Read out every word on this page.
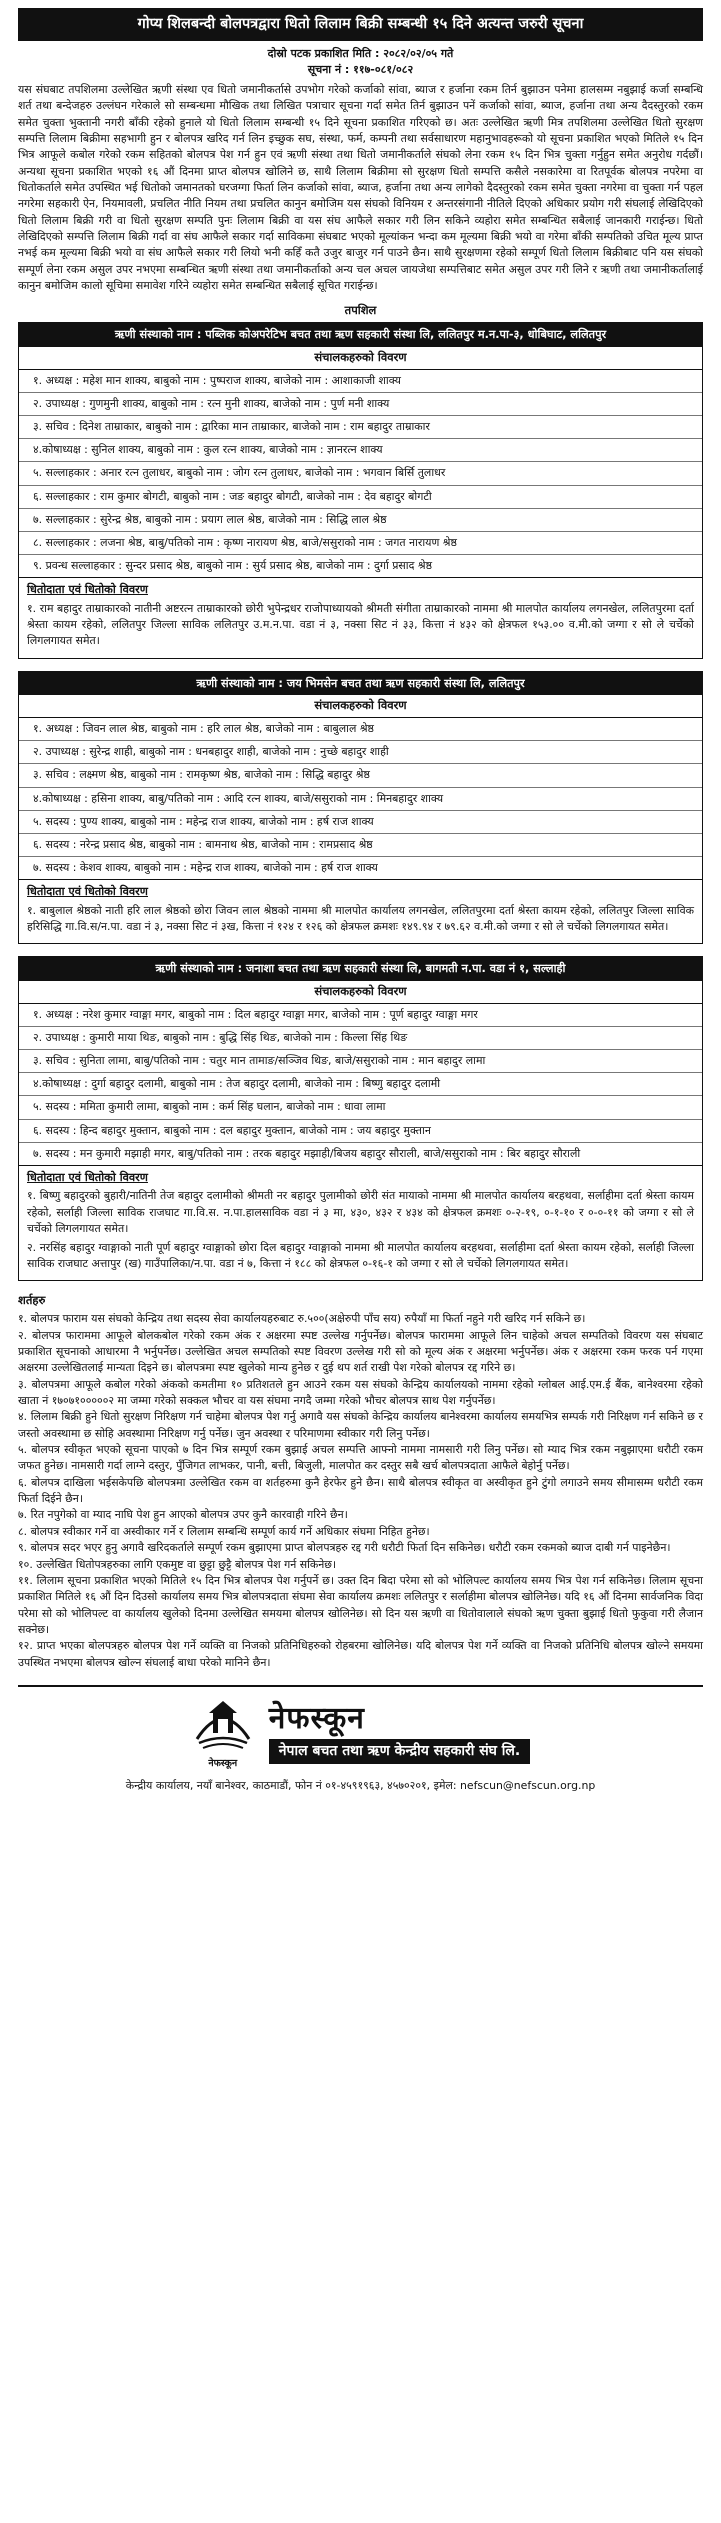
गोप्य शिलबन्दी बोलपत्रद्वारा धितो लिलाम बिक्री सम्बन्धी १५ दिने अत्यन्त जरुरी सूचना
दोस्रो पटक प्रकाशित मिति : २०८२/०२/०५ गते
सूचना नं : ११७-०८१/०८२

यस संघबाट तपशिलमा उल्लेखित ऋणी संस्था एव धितो जमानीकर्तासे उपभोग गरेको कर्जाको सांवा, ब्याज र हर्जाना रकम तिर्न बुझाउन पनेमा हालसम्म नबुझाई कर्जा सम्बन्धि शर्त तथा बन्देजहरु उल्लंघन गरेकाले सो सम्बन्धमा मौखिक तथा लिखित पत्राचार सूचना गर्दा समेत तिर्न बुझाउन पनें कर्जाको सांवा, ब्याज, हर्जाना तथा अन्य दैदस्तुरको रकम समेत चुक्ता भुक्तानी नगरी बाँकी रहेको हुनाले यो धितो लिलाम सम्बन्धी १५ दिने सूचना प्रकाशित गरिएको छ। अतः उल्लेखित ऋणी मित्र तपशिलमा उल्लेखित धितो सुरक्षण सम्पत्ति लिलाम बिक्रीमा सहभागी हुन र बोलपत्र खरिद गर्न लिन इच्छुक सघ, संस्था, फर्म, कम्पनी तथा सर्वसाधारण महानुभावहरूको यो सूचना प्रकाशित भएको मितिले १५ दिन भित्र आफूले कबोल गरेको रकम सहितको बोलपत्र पेश गर्न हुन एवं ऋणी संस्था तथा धितो जमानीकर्ताले संघको लेना रकम १५ दिन भित्र चुक्ता गर्नुहुन समेत अनुरोध गर्दछौं। अन्यथा सूचना प्रकाशित भएको १६ औं दिनमा प्राप्त बोलपत्र खोलिने छ, साथै लिलाम बिक्रीमा सो सुरक्षण धितो सम्पत्ति कसैले नसकारेमा वा रितपूर्वक बोलपत्र नपरेमा वा धितोकर्ताले समेत उपस्थित भई धितोको जमानतको घरजग्गा फिर्ता लिन कर्जाको सांवा, ब्याज, हर्जाना तथा अन्य लागेको दैदस्तुरको रकम समेत चुक्ता नगरेमा वा चुक्ता गर्न पहल नगरेमा सहकारी ऐन, नियमावली, प्रचलित नीति नियम तथा प्रचलित कानुन बमोजिम यस संघको विनियम र अन्तरसंगानी नीतिले दिएको अधिकार प्रयोग गरी संघलाई लेखिदिएको धितो लिलाम बिक्री गरी वा धितो सुरक्षण सम्पति पुनः लिलाम बिक्री वा यस संघ आफैले सकार गरी लिन सकिने व्यहोरा समेत सम्बन्धित सबैलाई जानकारी गराईन्छ। धितो लेखिदिएको सम्पत्ति लिलाम बिक्री गर्दा वा संघ आफैले सकार गर्दा साविकमा संघबाट भएको मूल्यांकन भन्दा कम मूल्यमा बिक्री भयो वा गरेमा बाँकी सम्पतिको उचित मूल्य प्राप्त नभई कम मूल्यमा बिक्री भयो वा संघ आफैले सकार गरी लियो भनी कहिँ कतै उजुर बाजुर गर्न पाउने छैन। साथै सुरक्षणमा रहेको सम्पूर्ण धितो लिलाम बिक्रीबाट पनि यस संघको सम्पूर्ण लेना रकम असुल उपर नभएमा सम्बन्धित ऋणी संस्था तथा जमानीकर्ताको अन्य चल अचल जायजेथा सम्पत्तिबाट समेत असुल उपर गरी लिने र ऋणी तथा जमानीकर्तालाई कानुन बमोजिम कालो सूचिमा समावेश गरिने व्यहोरा समेत सम्बन्धित सबैलाई सूचित गराईन्छ।

तपशिल
ऋणी संस्थाको नाम : पब्लिक कोअपरेटिभ बचत तथा ऋण सहकारी संस्था लि, ललितपुर म.न.पा-३, धोबिघाट, ललितपुर
संचालकहरुको विवरण
१. अध्यक्ष : महेश मान शाक्य, बाबुको नाम : पुष्पराज शाक्य, बाजेको नाम : आशाकाजी शाक्य
२. उपाध्यक्ष : गुणमुनी शाक्य, बाबुको नाम : रत्न मुनी शाक्य, बाजेको नाम : पुर्ण मनी शाक्य
३. सचिव : दिनेश ताम्राकार, बाबुको नाम : द्वारिका मान ताम्राकार, बाजेको नाम : राम बहादुर ताम्राकार
४.कोषाध्यक्ष : सुनिल शाक्य, बाबुको नाम : कुल रत्न शाक्य, बाजेको नाम : ज्ञानरत्न शाक्य
५. सल्लाहकार : अनार रत्न तुलाधर, बाबुको नाम : जोग रत्न तुलाधर, बाजेको नाम : भगवान बिर्सि तुलाधर
६. सल्लाहकार : राम कुमार बोगटी, बाबुको नाम : जङ बहादुर बोगटी, बाजेको नाम : देव बहादुर बोगटी
७. सल्लाहकार : सुरेन्द्र श्रेष्ठ, बाबुको नाम : प्रयाग लाल श्रेष्ठ, बाजेको नाम : सिद्धि लाल श्रेष्ठ
८. सल्लाहकार : लजना श्रेष्ठ, बाबु/पतिको नाम : कृष्ण नारायण श्रेष्ठ, बाजे/ससुराको नाम : जगत नारायण श्रेष्ठ
९. प्रवन्ध सल्लाहकार : सुन्दर प्रसाद श्रेष्ठ, बाबुको नाम : सुर्य प्रसाद श्रेष्ठ, बाजेको नाम : दुर्गा प्रसाद श्रेष्ठ
धितोदाता एवं धितोको विवरण

१. राम बहादुर ताम्राकारको नातीनी अष्टरत्न ताम्राकारको छोरी भुपेन्द्रधर राजोपाध्यायको श्रीमती संगीता ताम्राकारको नाममा श्री मालपोत कार्यालय लगनखेल, ललितपुरमा दर्ता श्रेस्ता कायम रहेको, ललितपुर जिल्ला साविक ललितपुर उ.म.न.पा. वडा नं ३, नक्सा सिट नं ३३, कित्ता नं ४३२ को क्षेत्रफल १५३.०० व.मी.को जग्गा र सो ले चर्चेको लिगलगायत समेत।

ऋणी संस्थाको नाम : जय भिमसेन बचत तथा ऋण सहकारी संस्था लि, ललितपुर
संचालकहरुको विवरण
१. अध्यक्ष : जिवन लाल श्रेष्ठ, बाबुको नाम : हरि लाल श्रेष्ठ, बाजेको नाम : बाबुलाल श्रेष्ठ
२. उपाध्यक्ष : सुरेन्द्र शाही, बाबुको नाम : धनबहादुर शाही, बाजेको नाम : नुच्छे बहादुर शाही
३. सचिव : लक्ष्मण श्रेष्ठ, बाबुको नाम : रामकृष्ण श्रेष्ठ, बाजेको नाम : सिद्धि बहादुर श्रेष्ठ
४.कोषाध्यक्ष : हसिना शाक्य, बाबु/पतिको नाम : आदि रत्न शाक्य, बाजे/ससुराको नाम : मिनबहादुर शाक्य
५. सदस्य : पुण्य शाक्य, बाबुको नाम : महेन्द्र राज शाक्य, बाजेको नाम : हर्ष राज शाक्य
६. सदस्य : नरेन्द्र प्रसाद श्रेष्ठ, बाबुको नाम : बामनाथ श्रेष्ठ, बाजेको नाम : रामप्रसाद श्रेष्ठ
७. सदस्य : केशव शाक्य, बाबुको नाम : महेन्द्र राज शाक्य, बाजेको नाम : हर्ष राज शाक्य
धितोदाता एवं धितोको विवरण

१. बाबुलाल श्रेष्ठको नाती हरि लाल श्रेष्ठको छोरा जिवन लाल श्रेष्ठको नाममा श्री मालपोत कार्यालय लगनखेल, ललितपुरमा दर्ता श्रेस्ता कायम रहेको, ललितपुर जिल्ला साविक हरिसिद्धि गा.वि.स/न.पा. वडा नं ३, नक्सा सिट नं ३ख, कित्ता नं १२४ र १२६ को क्षेत्रफल क्रमशः १४९.९४ र ७९.६२ व.मी.को जग्गा र सो ले चर्चेको लिगलगायत समेत।

ऋणी संस्थाको नाम : जनाशा बचत तथा ऋण सहकारी संस्था लि, बागमती न.पा. वडा नं १, सल्लाही
संचालकहरुको विवरण
१. अध्यक्ष : नरेश कुमार ग्वाङ्गा मगर, बाबुको नाम : दिल बहादुर ग्वाङ्गा मगर, बाजेको नाम : पूर्ण बहादुर ग्वाङ्गा मगर
२. उपाध्यक्ष : कुमारी माया थिङ, बाबुको नाम : बुद्धि सिंह थिङ, बाजेको नाम : किल्ला सिंह थिङ
३. सचिव : सुनिता लामा, बाबु/पतिको नाम : चतुर मान तामाङ/सञ्जिव थिङ, बाजे/ससुराको नाम : मान बहादुर लामा
४.कोषाध्यक्ष : दुर्गा बहादुर दलामी, बाबुको नाम : तेज बहादुर दलामी, बाजेको नाम : बिष्णु बहादुर दलामी
५. सदस्य : ममिता कुमारी लामा, बाबुको नाम : कर्म सिंह घलान, बाजेको नाम : धावा लामा
६. सदस्य : हिन्द बहादुर मुक्तान, बाबुको नाम : दल बहादुर मुक्तान, बाजेको नाम : जय बहादुर मुक्तान
७. सदस्य : मन कुमारी मझाही मगर, बाबु/पतिको नाम : तरक बहादुर मझाही/बिजय बहादुर सौराली, बाजे/ससुराको नाम : बिर बहादुर सौराली
धितोदाता एवं धितोको विवरण

१. बिष्णु बहादुरको बुहारी/नातिनी तेज बहादुर दलामीको श्रीमती नर बहादुर पुलामीको छोरी संत मायाको नाममा श्री मालपोत कार्यालय बरहथवा, सर्लाहीमा दर्ता श्रेस्ता कायम रहेको, सर्लाही जिल्ला साविक राजघाट गा.वि.स. न.पा.हालसाविक वडा नं ३ मा, ४३०, ४३२ र ४३४ को क्षेत्रफल क्रमशः ०-२-१९, ०-१-१० र ०-०-११ को जग्गा र सो ले चर्चेको लिगलगायत समेत।

२. नरसिंह बहादुर ग्वाङ्गाको नाती पूर्ण बहादुर ग्वाङ्गाको छोरा दिल बहादुर ग्वाङ्गाको नाममा श्री मालपोत कार्यालय बरहथवा, सर्लाहीमा दर्ता श्रेस्ता कायम रहेको, सर्लाही जिल्ला साविक राजघाट अत्तापुर (ख) गाउँपालिका/न.पा. वडा नं ७, कित्ता नं १८८ को क्षेत्रफल ०-१६-१ को जग्गा र सो ले चर्चेको लिगलगायत समेत।

शर्तहरु

१. बोलपत्र फाराम यस संघको केन्द्रिय तथा सदस्य सेवा कार्यालयहरुबाट रु.५००(अक्षेरुपी पाँच सय) रुपैयाँ मा फिर्ता नहुने गरी खरिद गर्न सकिने छ।

२. बोलपत्र फाराममा आफूले बोलकबोल गरेको रकम अंक र अक्षरमा स्पष्ट उल्लेख गर्नुपर्नेछ। बोलपत्र फाराममा आफूले लिन चाहेको अचल सम्पतिको विवरण यस संघबाट प्रकाशित सूचनाको आधारमा नै भर्नुपर्नेछ। उल्लेखित अचल सम्पतिको स्पष्ट विवरण उल्लेख गरी सो को मूल्य अंक र अक्षरमा भर्नुपर्नेछ। अंक र अक्षरमा रकम फरक पर्न गएमा अक्षरमा उल्लेखितलाई मान्यता दिइने छ। बोलपत्रमा स्पष्ट खुलेको मान्य हुनेछ र दुई थप शर्त राखी पेश गरेको बोलपत्र रद्द गरिने छ।

३. बोलपत्रमा आफूले कबोल गरेको अंकको कमतीमा १० प्रतिशतले हुन आउने रकम यस संघको केन्द्रिय कार्यालयको नाममा रहेको ग्लोबल आई.एम.ई बैंक, बानेश्वरमा रहेको खाता नं १७०७१०००००२ मा जम्मा गरेको सक्कल भौचर वा यस संघमा नगदै जम्मा गरेको भौचर बोलपत्र साथ पेश गर्नुपर्नेछ।

४. लिलाम बिक्री हुने धितो सुरक्षण निरिक्षण गर्न चाहेमा बोलपत्र पेश गर्नु अगावै यस संघको केन्द्रिय कार्यालय बानेश्वरमा कार्यालय समयभित्र सम्पर्क गरी निरिक्षण गर्न सकिने छ र जस्तो अवस्थामा छ सोहि अवस्थामा निरिक्षण गर्नु पर्नेछ। जुन अवस्था र परिमाणमा स्वीकार गरी लिनु पर्नेछ।

५. बोलपत्र स्वीकृत भएको सूचना पाएको ७ दिन भित्र सम्पूर्ण रकम बुझाई अचल सम्पत्ति आफ्नो नाममा नामसारी गरी लिनु पर्नेछ। सो म्याद भित्र रकम नबुझाएमा धरौटी रकम जफत हुनेछ। नामसारी गर्दा लाग्ने दस्तुर, पुँजिगत लाभकर, पानी, बत्ती, बिजुली, मालपोत कर दस्तुर सबै खर्च बोलपत्रदाता आफैले बेहोर्नु पर्नेछ।

६. बोलपत्र दाखिला भईसकेपछि बोलपत्रमा उल्लेखित रकम वा शर्तहरुमा कुनै हेरफेर हुने छैन। साथै बोलपत्र स्वीकृत वा अस्वीकृत हुने टुंगो लगाउने समय सीमासम्म धरौटी रकम फिर्ता दिईने छैन।

७. रित नपुगेको वा म्याद नाघि पेश हुन आएको बोलपत्र उपर कुनै कारवाही गरिने छैन।

८. बोलपत्र स्वीकार गर्ने वा अस्वीकार गर्ने र लिलाम सम्बन्धि सम्पूर्ण कार्य गर्ने अधिकार संघमा निहित हुनेछ।

९. बोलपत्र सदर भएर हुनु अगावै खरिदकर्ताले सम्पूर्ण रकम बुझाएमा प्राप्त बोलपत्रहरु रद्द गरी धरौटी फिर्ता दिन सकिनेछ। धरौटी रकम रकमको ब्याज दाबी गर्न पाइनेछैन।

१०. उल्लेखित धितोपत्रहरुका लागि एकमुष्ट वा छुट्टा छुट्टै बोलपत्र पेश गर्न सकिनेछ।

११. लिलाम सूचना प्रकाशित भएको मितिले १५ दिन भित्र बोलपत्र पेश गर्नुपर्ने छ। उक्त दिन बिदा परेमा सो को भोलिपल्ट कार्यालय समय भित्र पेश गर्न सकिनेछ। लिलाम सूचना प्रकाशित मितिले १६ औं दिन दिउसो कार्यालय समय भित्र बोलपत्रदाता संघमा सेवा कार्यालय क्रमशः ललितपुर र सर्लाहीमा बोलपत्र खोलिनेछ। यदि १६ औं दिनमा सार्वजनिक विदा परेमा सो को भोलिपल्ट वा कार्यालय खुलेको दिनमा उल्लेखित समयमा बोलपत्र खोलिनेछ। सो दिन यस ऋणी वा धितोवालाले संघको ऋण चुक्ता बुझाई धितो फुकुवा गरी लैजान सक्नेछ।

१२. प्राप्त भएका बोलपत्रहरु बोलपत्र पेश गर्ने व्यक्ति वा निजको प्रतिनिधिहरुको रोहबरमा खोलिनेछ। यदि बोलपत्र पेश गर्ने व्यक्ति वा निजको प्रतिनिधि बोलपत्र खोल्ने समयमा उपस्थित नभएमा बोलपत्र खोल्न संघलाई बाधा परेको मानिने छैन।

नेफस्कून
नेफस्कून
नेपाल बचत तथा ऋण केन्द्रीय सहकारी संघ लि.
केन्द्रीय कार्यालय, नयाँ बानेश्वर, काठमाडौं, फोन नं ०१-४५९१९६३, ४५७०२०१, इमेल: nefscun@nefscun.org.np
